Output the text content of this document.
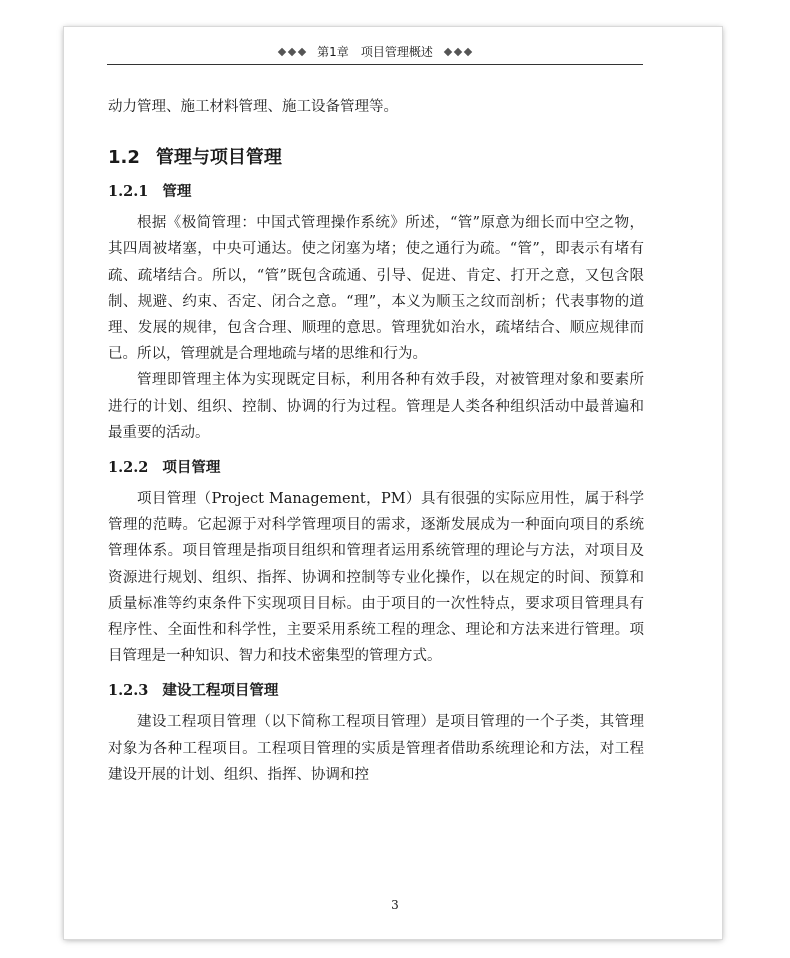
第1章 项目管理概述

动力管理、施工材料管理、施工设备管理等。

1.2 管理与项目管理
1.2.1 管理

根据《极简管理：中国式管理操作系统》所述，“管”原意为细长而中空之物，其四周被堵塞，中央可通达。使之闭塞为堵；使之通行为疏。“管”，即表示有堵有疏、疏堵结合。所以，“管”既包含疏通、引导、促进、肯定、打开之意，又包含限制、规避、约束、否定、闭合之意。“理”，本义为顺玉之纹而剖析；代表事物的道理、发展的规律，包含合理、顺理的意思。管理犹如治水，疏堵结合、顺应规律而已。所以，管理就是合理地疏与堵的思维和行为。

管理即管理主体为实现既定目标，利用各种有效手段，对被管理对象和要素所进行的计划、组织、控制、协调的行为过程。管理是人类各种组织活动中最普遍和最重要的活动。

1.2.2 项目管理

项目管理（Project Management，PM）具有很强的实际应用性，属于科学管理的范畴。它起源于对科学管理项目的需求，逐渐发展成为一种面向项目的系统管理体系。项目管理是指项目组织和管理者运用系统管理的理论与方法，对项目及资源进行规划、组织、指挥、协调和控制等专业化操作，以在规定的时间、预算和质量标准等约束条件下实现项目目标。由于项目的一次性特点，要求项目管理具有程序性、全面性和科学性，主要采用系统工程的理念、理论和方法来进行管理。项目管理是一种知识、智力和技术密集型的管理方式。

1.2.3 建设工程项目管理

建设工程项目管理（以下简称工程项目管理）是项目管理的一个子类，其管理对象为各种工程项目。工程项目管理的实质是管理者借助系统理论和方法，对工程建设开展的计划、组织、指挥、协调和控

3
